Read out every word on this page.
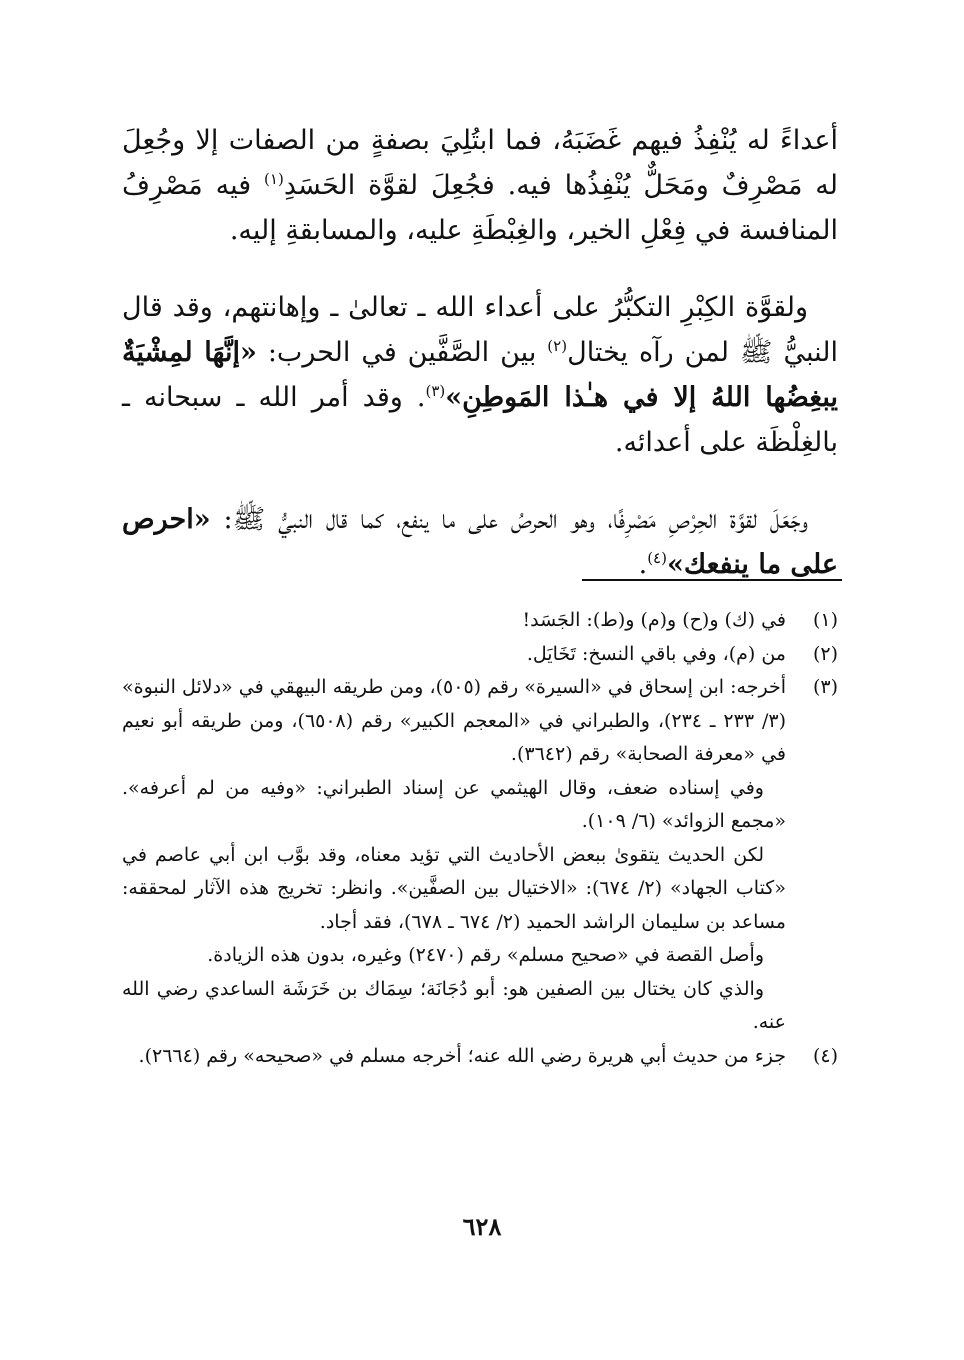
أعداءً له يُنْفِذُ فيهم غَضَبَهُ، فما ابتُلِيَ بصفةٍ من الصفات إلا وجُعِلَ له مَصْرِفٌ ومَحَلٌّ يُنْفِذُها فيه. فجُعِلَ لقوَّة الحَسَدِ$^{(١)}$ فيه مَصْرِفُ المنافسة في فِعْلِ الخير، والغِبْطَةِ عليه، والمسابقةِ إليه.

ولقوَّة الكِبْرِ التكبُّرُ على أعداء الله ـ تعالىٰ ـ وإهانتهم، وقد قال النبيُّ ﷺ لمن رآه يختال$^{(٢)}$ بين الصَّفَّين في الحرب: «إنَّهَا لمِشْيَةٌ يبغِضُها اللهُ إلا في هـٰذا المَوطِنِ»$^{(٣)}$. وقد أمر الله ـ سبحانه ـ بالغِلْظَة على أعدائه.

وجَعَلَ لقوَّة الحِرْصِ مَصْرِفًا، وهو الحرصُ على ما ينفع، كما قال النبيُّ ﷺ: «احرص على ما ينفعك»$^{(٤)}$.

(١)

في (ك) و(ح) و(م) و(ط): الجَسَد!

(٢)

من (م)، وفي باقي النسخ: تَخَايَل.

(٣)

أخرجه: ابن إسحاق في «السيرة» رقم (٥٠٥)، ومن طريقه البيهقي في «دلائل النبوة» (٣/ ٢٣٣ ـ ٢٣٤)، والطبراني في «المعجم الكبير» رقم (٦٥٠٨)، ومن طريقه أبو نعيم في «معرفة الصحابة» رقم (٣٦٤٢).

وفي إسناده ضعف، وقال الهيثمي عن إسناد الطبراني: «وفيه من لم أعرفه». «مجمع الزوائد» (٦/ ١٠٩).

لكن الحديث يتقوىٰ ببعض الأحاديث التي تؤيد معناه، وقد بوَّب ابن أبي عاصم في «كتاب الجهاد» (٢/ ٦٧٤): «الاختيال بين الصفَّين». وانظر: تخريج هذه الآثار لمحققه: مساعد بن سليمان الراشد الحميد (٢/ ٦٧٤ ـ ٦٧٨)، فقد أجاد.

وأصل القصة في «صحيح مسلم» رقم (٢٤٧٠) وغيره، بدون هذه الزيادة.

والذي كان يختال بين الصفين هو: أبو دُجَانَة؛ سِمَاك بن خَرَشَة الساعدي رضي الله عنه.

(٤)

جزء من حديث أبي هريرة رضي الله عنه؛ أخرجه مسلم في «صحيحه» رقم (٢٦٦٤).

٦٢٨
